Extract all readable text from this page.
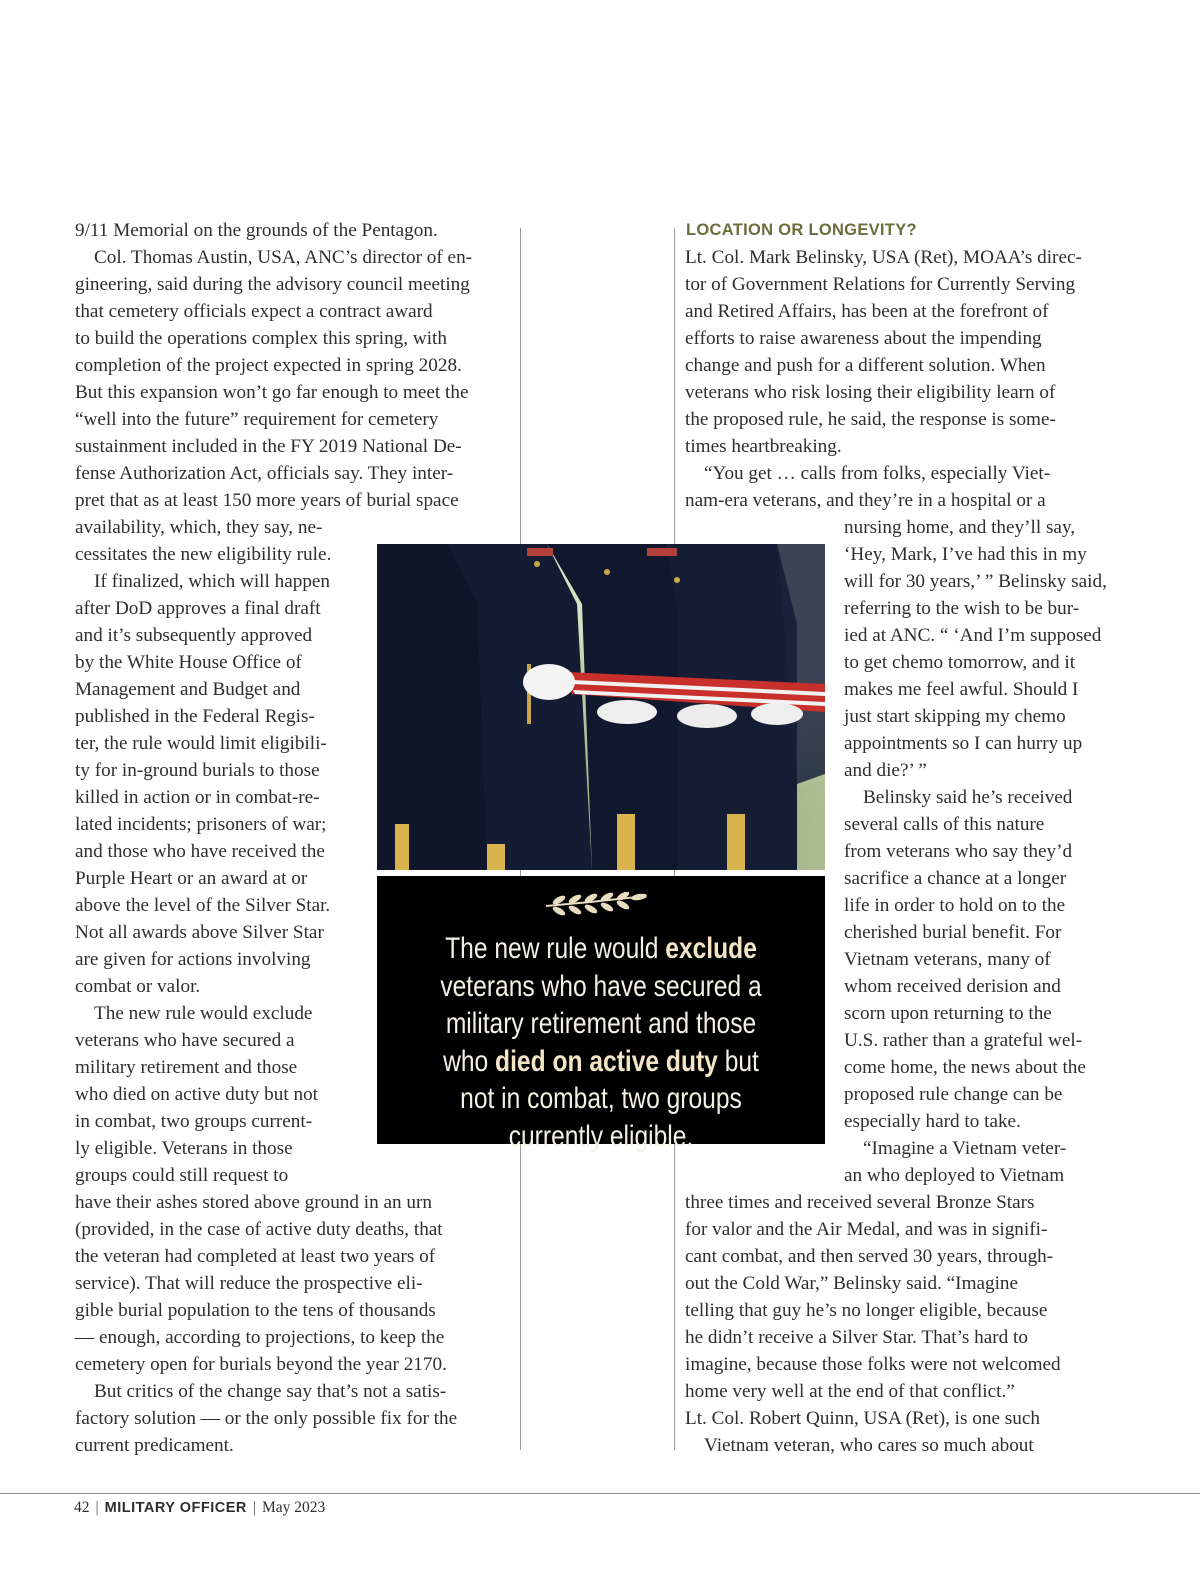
9/11 Memorial on the grounds of the Pentagon.
Col. Thomas Austin, USA, ANC’s director of en-
gineering, said during the advisory council meeting
that cemetery officials expect a contract award
to build the operations complex this spring, with
completion of the project expected in spring 2028.
But this expansion won’t go far enough to meet the
“well into the future” requirement for cemetery
sustainment included in the FY 2019 National De-
fense Authorization Act, officials say. They inter-
pret that as at least 150 more years of burial space
availability, which, they say, ne-
cessitates the new eligibility rule.
If finalized, which will happen
after DoD approves a final draft
and it’s subsequently approved
by the White House Office of
Management and Budget and
published in the Federal Regis-
ter, the rule would limit eligibili-
ty for in-ground burials to those
killed in action or in combat-re-
lated incidents; prisoners of war;
and those who have received the
Purple Heart or an award at or
above the level of the Silver Star.
Not all awards above Silver Star
are given for actions involving
combat or valor.
The new rule would exclude
veterans who have secured a
military retirement and those
who died on active duty but not
in combat, two groups current-
ly eligible. Veterans in those
groups could still request to
have their ashes stored above ground in an urn
(provided, in the case of active duty deaths, that
the veteran had completed at least two years of
service). That will reduce the prospective eli-
gible burial population to the tens of thousands
— enough, according to projections, to keep the
cemetery open for burials beyond the year 2170.
But critics of the change say that’s not a satis-
factory solution — or the only possible fix for the
current predicament.
LOCATION OR LONGEVITY?
Lt. Col. Mark Belinsky, USA (Ret), MOAA’s direc-
tor of Government Relations for Currently Serving
and Retired Affairs, has been at the forefront of
efforts to raise awareness about the impending
change and push for a different solution. When
veterans who risk losing their eligibility learn of
the proposed rule, he said, the response is some-
times heartbreaking.
“You get … calls from folks, especially Viet-
nam-era veterans, and they’re in a hospital or a
nursing home, and they’ll say,
‘Hey, Mark, I’ve had this in my
will for 30 years,’ ” Belinsky said,
referring to the wish to be bur-
ied at ANC. “ ‘And I’m supposed
to get chemo tomorrow, and it
makes me feel awful. Should I
just start skipping my chemo
appointments so I can hurry up
and die?’ ”
Belinsky said he’s received
several calls of this nature
from veterans who say they’d
sacrifice a chance at a longer
life in order to hold on to the
cherished burial benefit. For
Vietnam veterans, many of
whom received derision and
scorn upon returning to the
U.S. rather than a grateful wel-
come home, the news about the
proposed rule change can be
especially hard to take.
“Imagine a Vietnam veter-
an who deployed to Vietnam
three times and received several Bronze Stars
for valor and the Air Medal, and was in signifi-
cant combat, and then served 30 years, through-
out the Cold War,” Belinsky said. “Imagine
telling that guy he’s no longer eligible, because
he didn’t receive a Silver Star. That’s hard to
imagine, because those folks were not welcomed
home very well at the end of that conflict.”
Lt. Col. Robert Quinn, USA (Ret), is one such
Vietnam veteran, who cares so much about
The new rule would exclude veterans who have secured a military retirement and those who died on active duty but not in combat, two groups currently eligible.
42 | MILITARY OFFICER | May 2023
